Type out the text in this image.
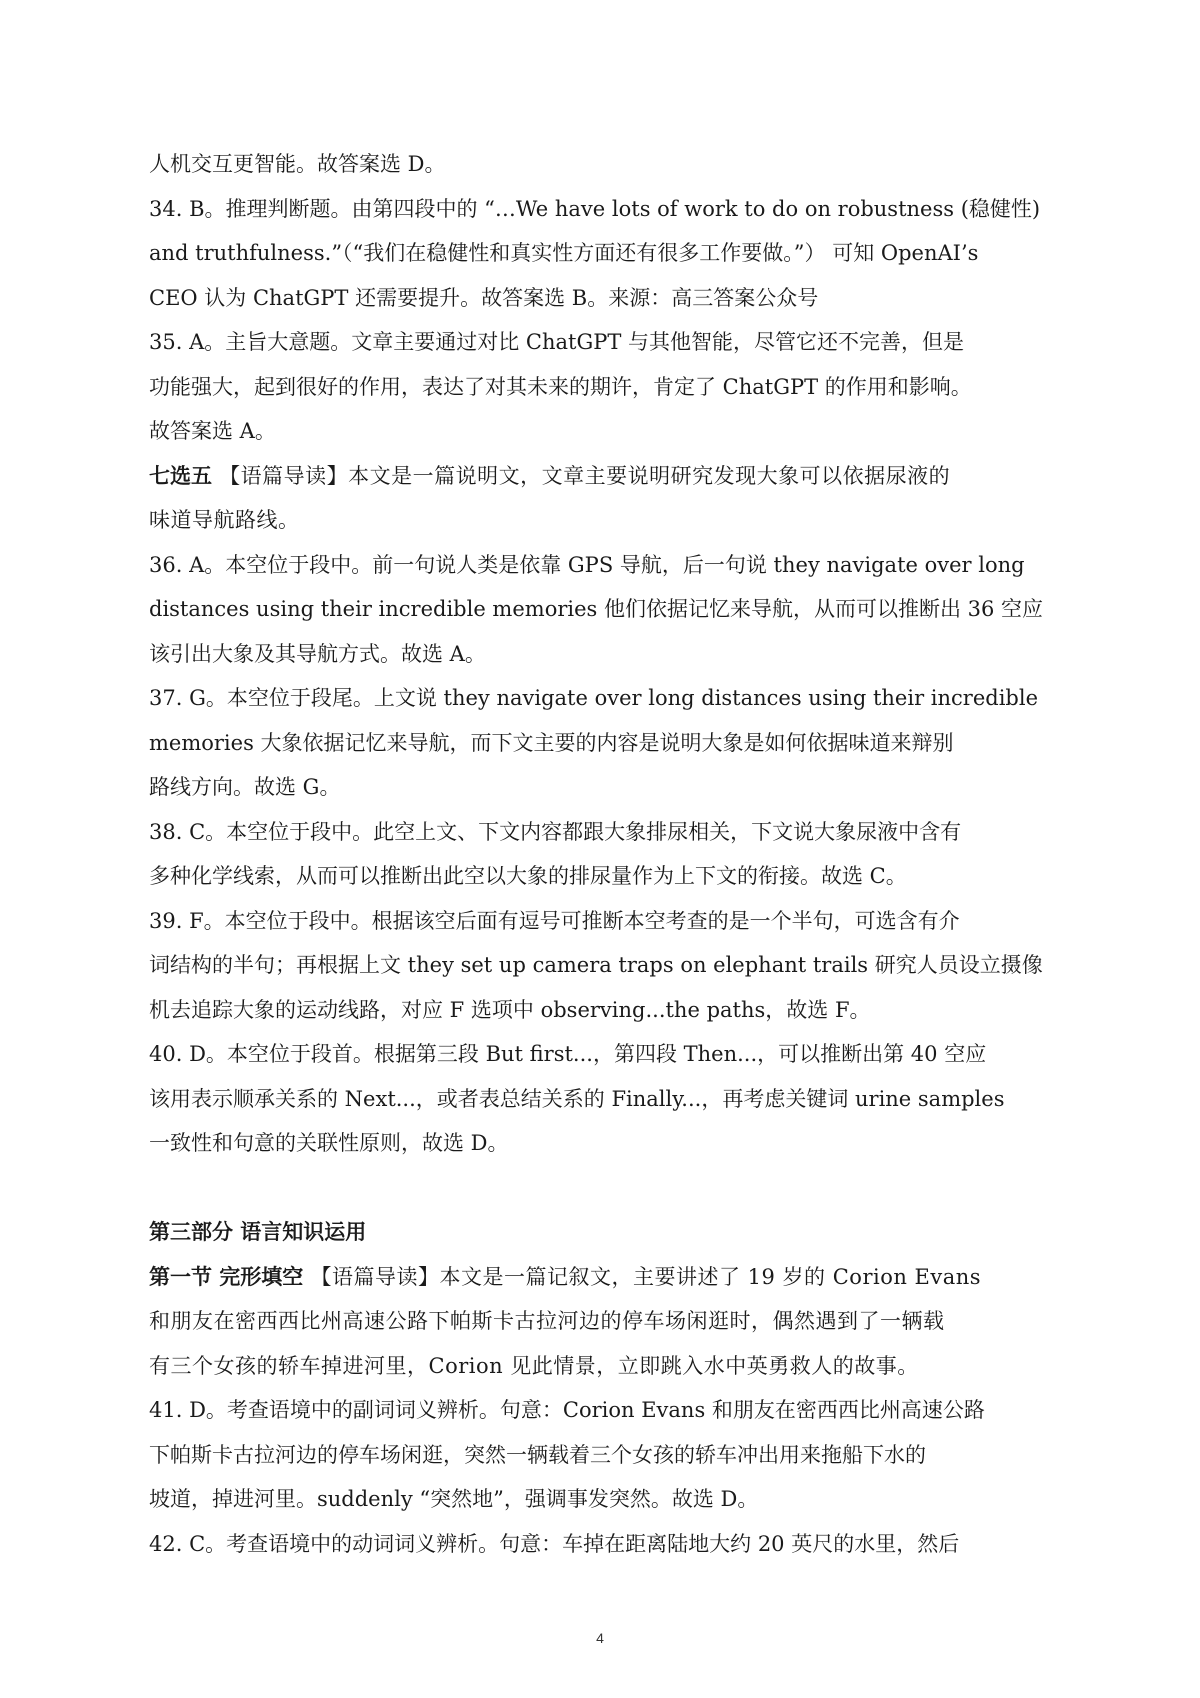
人机交互更智能。故答案选 D。
34. B。推理判断题。由第四段中的 “…We have lots of work to do on robustness (稳健性)
and truthfulness.”（“我们在稳健性和真实性方面还有很多工作要做。”） 可知 OpenAI’s
CEO 认为 ChatGPT 还需要提升。故答案选 B。来源：高三答案公众号
35. A。主旨大意题。文章主要通过对比 ChatGPT 与其他智能，尽管它还不完善，但是
功能强大，起到很好的作用，表达了对其未来的期许，肯定了 ChatGPT 的作用和影响。
故答案选 A。
七选五 【语篇导读】本文是一篇说明文，文章主要说明研究发现大象可以依据尿液的
味道导航路线。
36. A。本空位于段中。前一句说人类是依靠 GPS 导航，后一句说 they navigate over long
distances using their incredible memories 他们依据记忆来导航，从而可以推断出 36 空应
该引出大象及其导航方式。故选 A。
37. G。本空位于段尾。上文说 they navigate over long distances using their incredible
memories 大象依据记忆来导航，而下文主要的内容是说明大象是如何依据味道来辩别
路线方向。故选 G。
38. C。本空位于段中。此空上文、下文内容都跟大象排尿相关，下文说大象尿液中含有
多种化学线索，从而可以推断出此空以大象的排尿量作为上下文的衔接。故选 C。
39. F。本空位于段中。根据该空后面有逗号可推断本空考查的是一个半句，可选含有介
词结构的半句；再根据上文 they set up camera traps on elephant trails 研究人员设立摄像
机去追踪大象的运动线路，对应 F 选项中 observing...the paths，故选 F。
40. D。本空位于段首。根据第三段 But first...，第四段 Then...，可以推断出第 40 空应
该用表示顺承关系的 Next...，或者表总结关系的 Finally...，再考虑关键词 urine samples
一致性和句意的关联性原则，故选 D。
第三部分 语言知识运用
第一节 完形填空 【语篇导读】本文是一篇记叙文，主要讲述了 19 岁的 Corion Evans
和朋友在密西西比州高速公路下帕斯卡古拉河边的停车场闲逛时，偶然遇到了一辆载
有三个女孩的轿车掉进河里，Corion 见此情景，立即跳入水中英勇救人的故事。
41. D。考查语境中的副词词义辨析。句意：Corion Evans 和朋友在密西西比州高速公路
下帕斯卡古拉河边的停车场闲逛，突然一辆载着三个女孩的轿车冲出用来拖船下水的
坡道，掉进河里。suddenly “突然地”，强调事发突然。故选 D。
42. C。考查语境中的动词词义辨析。句意：车掉在距离陆地大约 20 英尺的水里，然后
4
